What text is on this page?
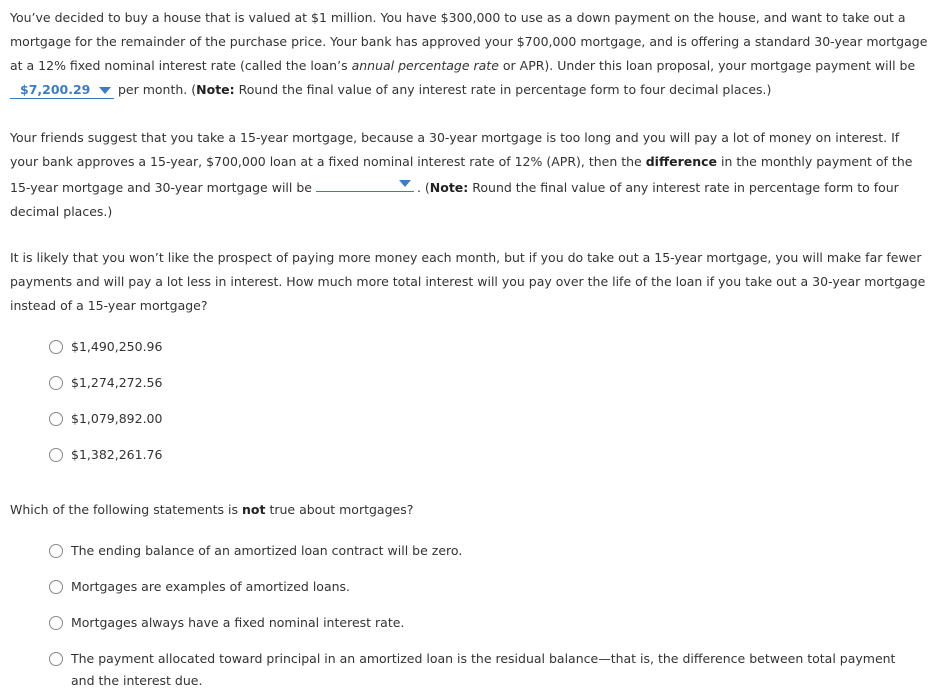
You’ve decided to buy a house that is valued at $1 million. You have $300,000 to use as a down payment on the house, and want to take out a mortgage for the remainder of the purchase price. Your bank has approved your $700,000 mortgage, and is offering a standard 30-year mortgage at a 12% fixed nominal interest rate (called the loan’s annual percentage rate or APR). Under this loan proposal, your mortgage payment will be $7,200.29 per month. (Note: Round the final value of any interest rate in percentage form to four decimal places.)

Your friends suggest that you take a 15-year mortgage, because a 30-year mortgage is too long and you will pay a lot of money on interest. If your bank approves a 15-year, $700,000 loan at a fixed nominal interest rate of 12% (APR), then the difference in the monthly payment of the 15-year mortgage and 30-year mortgage will be	. (Note: Round the final value of any interest rate in percentage form to four decimal places.)

It is likely that you won’t like the prospect of paying more money each month, but if you do take out a 15-year mortgage, you will make far fewer payments and will pay a lot less in interest. How much more total interest will you pay over the life of the loan if you take out a 30-year mortgage instead of a 15-year mortgage?

$1,490,250.96
$1,274,272.56
$1,079,892.00
$1,382,261.76

Which of the following statements is not true about mortgages?

The ending balance of an amortized loan contract will be zero.
Mortgages are examples of amortized loans.
Mortgages always have a fixed nominal interest rate.
The payment allocated toward principal in an amortized loan is the residual balance—that is, the difference between total payment and the interest due.
